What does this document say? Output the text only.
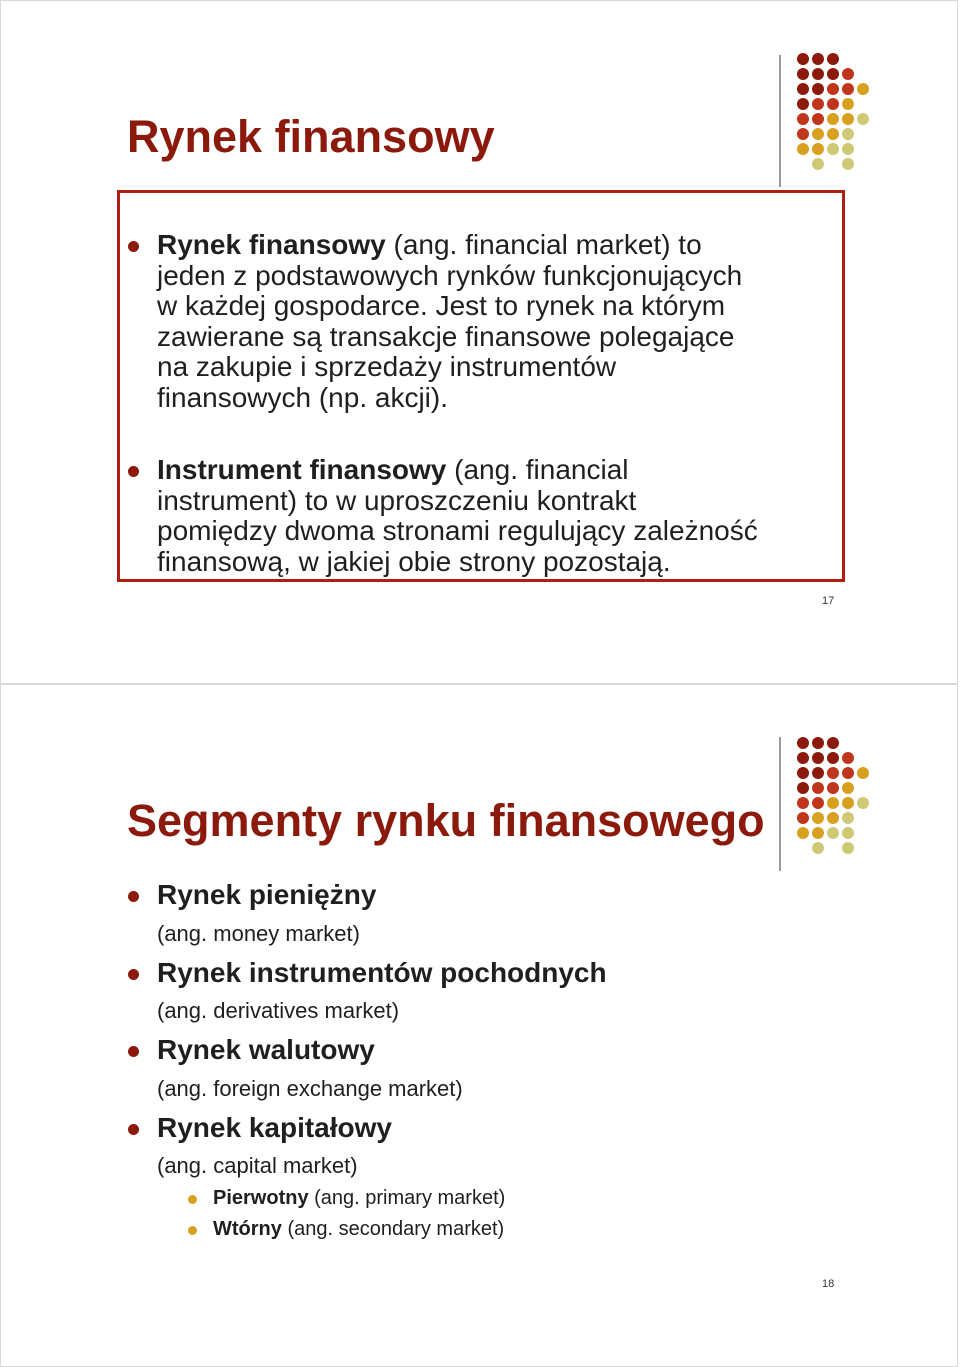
Rynek finansowy

Rynek finansowy (ang. financial market) to
jeden z podstawowych rynków funkcjonujących
w każdej gospodarce. Jest to rynek na którym
zawierane są transakcje finansowe polegające
na zakupie i sprzedaży instrumentów
finansowych (np. akcji).

Instrument finansowy (ang. financial
instrument) to w uproszczeniu kontrakt
pomiędzy dwoma stronami regulujący zależność
finansową, w jakiej obie strony pozostają.

17
Segmenty rynku finansowego

Rynek pieniężny

(ang. money market)

Rynek instrumentów pochodnych

(ang. derivatives market)

Rynek walutowy

(ang. foreign exchange market)

Rynek kapitałowy

(ang. capital market)

Pierwotny (ang. primary market)

Wtórny (ang. secondary market)

18
